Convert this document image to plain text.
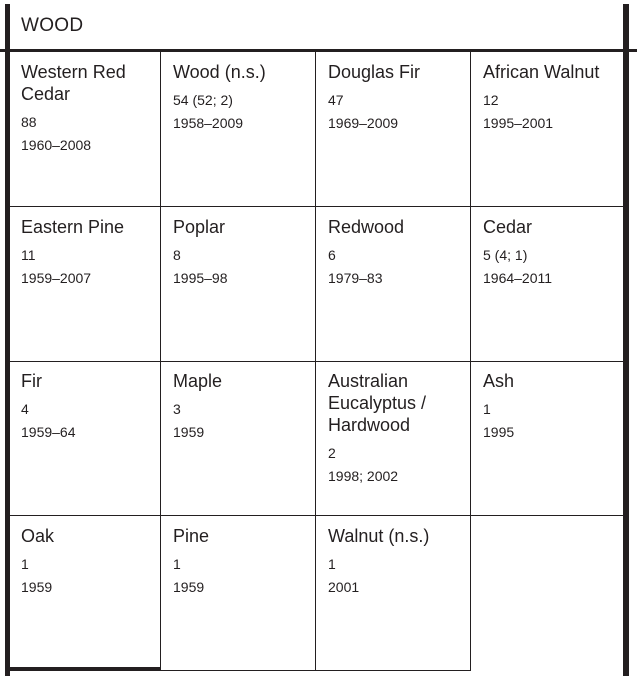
WOOD
Western Red Cedar
88
1960–2008
Wood (n.s.)
54 (52; 2)
1958–2009
Douglas Fir
47
1969–2009
African Walnut
12
1995–2001
Eastern Pine
11
1959–2007
Poplar
8
1995–98
Redwood
6
1979–83
Cedar
5 (4; 1)
1964–2011
Fir
4
1959–64
Maple
3
1959
Australian Eucalyptus / Hardwood
2
1998; 2002
Ash
1
1995
Oak
1
1959
Pine
1
1959
Walnut (n.s.)
1
2001
